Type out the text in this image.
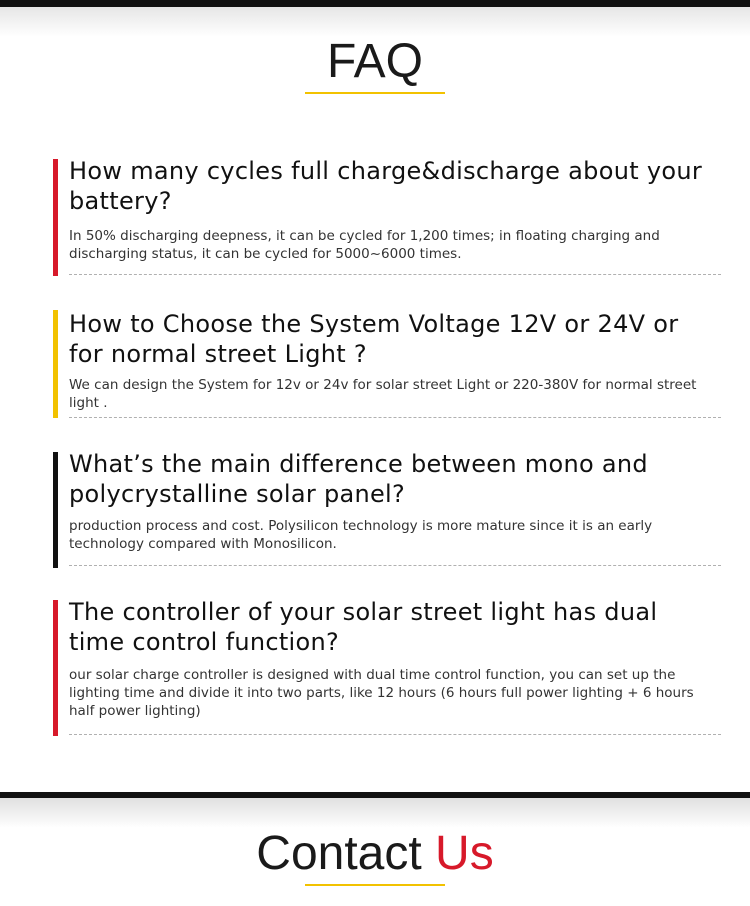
FAQ
How many cycles full charge&discharge about your battery?
In 50% discharging deepness, it can be cycled for 1,200 times; in floating charging and discharging status, it can be cycled for 5000~6000 times.
How to Choose the System Voltage 12V or 24V or for normal street Light ?
We can design the System for 12v or 24v for solar street Light or 220-380V for normal street light .
What’s the main difference between mono and polycrystalline solar panel?
production process and cost. Polysilicon technology is more mature since it is an early technology compared with Monosilicon.
The controller of your solar street light has dual time control function?
our solar charge controller is designed with dual time control function, you can set up the lighting time and divide it into two parts, like 12 hours (6 hours full power lighting + 6 hours half power lighting)
Contact Us
